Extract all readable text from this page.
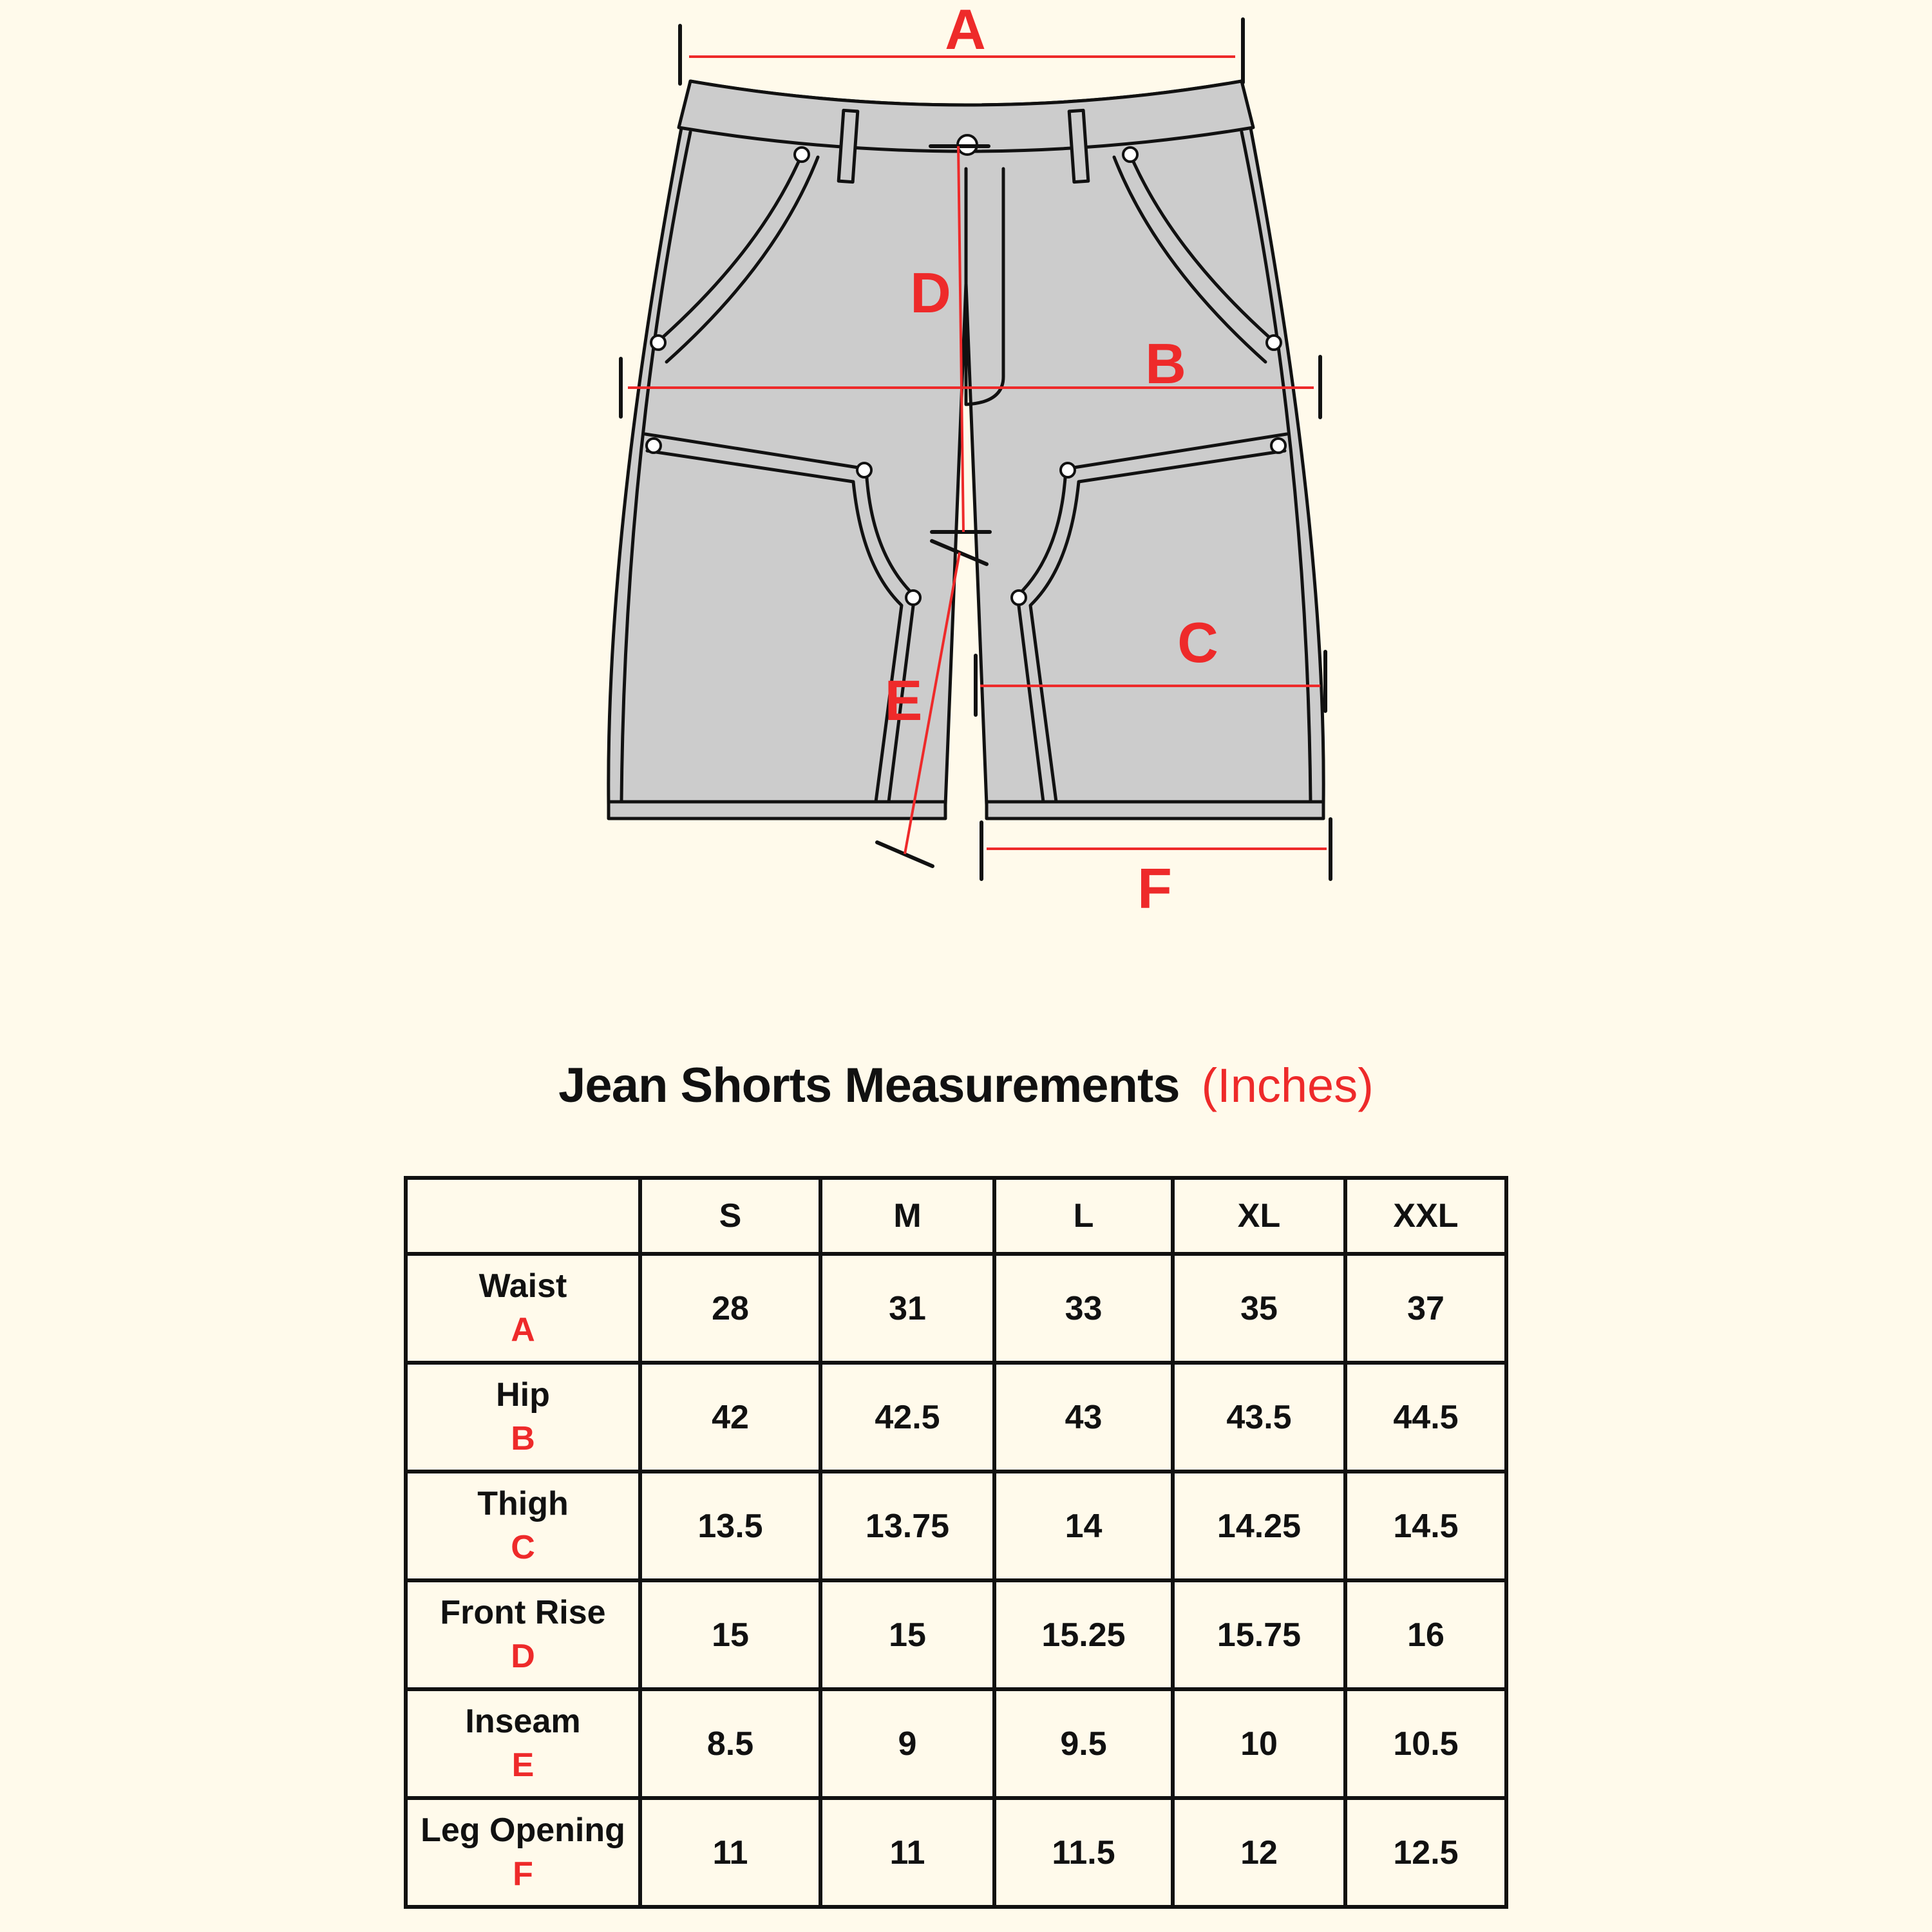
A
B
C
D
E
F
Jean Shorts Measurements (Inches)
	S	M	L	XL	XXL

Waist
A	28	31	33	35	37

Hip
B	42	42.5	43	43.5	44.5

Thigh
C	13.5	13.75	14	14.25	14.5

Front Rise
D	15	15	15.25	15.75	16

Inseam
E	8.5	9	9.5	10	10.5

Leg Opening
F	11	11	11.5	12	12.5
